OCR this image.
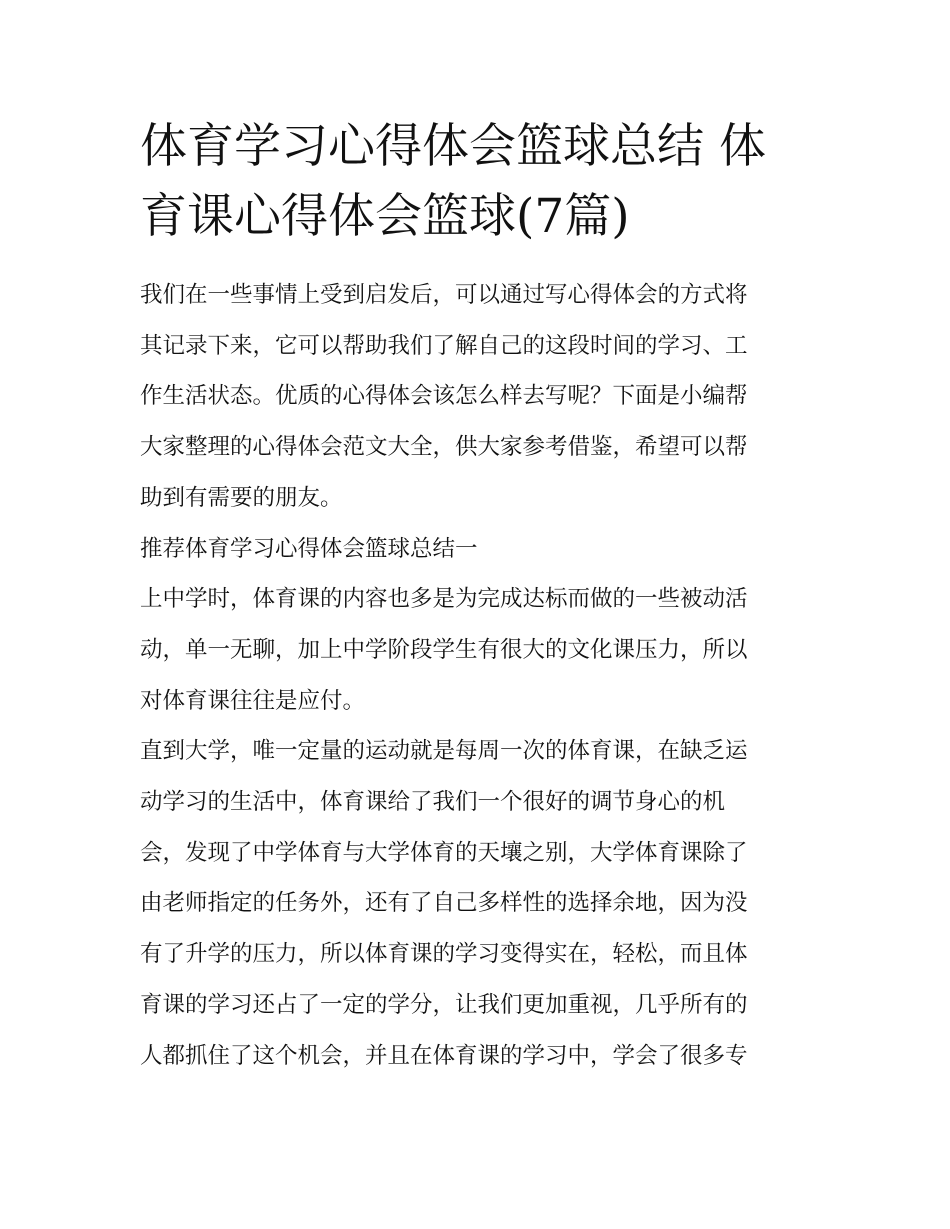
体育学习心得体会篮球总结 体
育课心得体会篮球(7篇)

我们在一些事情上受到启发后，可以通过写心得体会的方式将
其记录下来，它可以帮助我们了解自己的这段时间的学习、工
作生活状态。优质的心得体会该怎么样去写呢？下面是小编帮
大家整理的心得体会范文大全，供大家参考借鉴，希望可以帮
助到有需要的朋友。

推荐体育学习心得体会篮球总结一

上中学时，体育课的内容也多是为完成达标而做的一些被动活
动，单一无聊，加上中学阶段学生有很大的文化课压力，所以
对体育课往往是应付。

直到大学，唯一定量的运动就是每周一次的体育课，在缺乏运
动学习的生活中，体育课给了我们一个很好的调节身心的机
会，发现了中学体育与大学体育的天壤之别，大学体育课除了
由老师指定的任务外，还有了自己多样性的选择余地，因为没
有了升学的压力，所以体育课的学习变得实在，轻松，而且体
育课的学习还占了一定的学分，让我们更加重视，几乎所有的
人都抓住了这个机会，并且在体育课的学习中，学会了很多专
